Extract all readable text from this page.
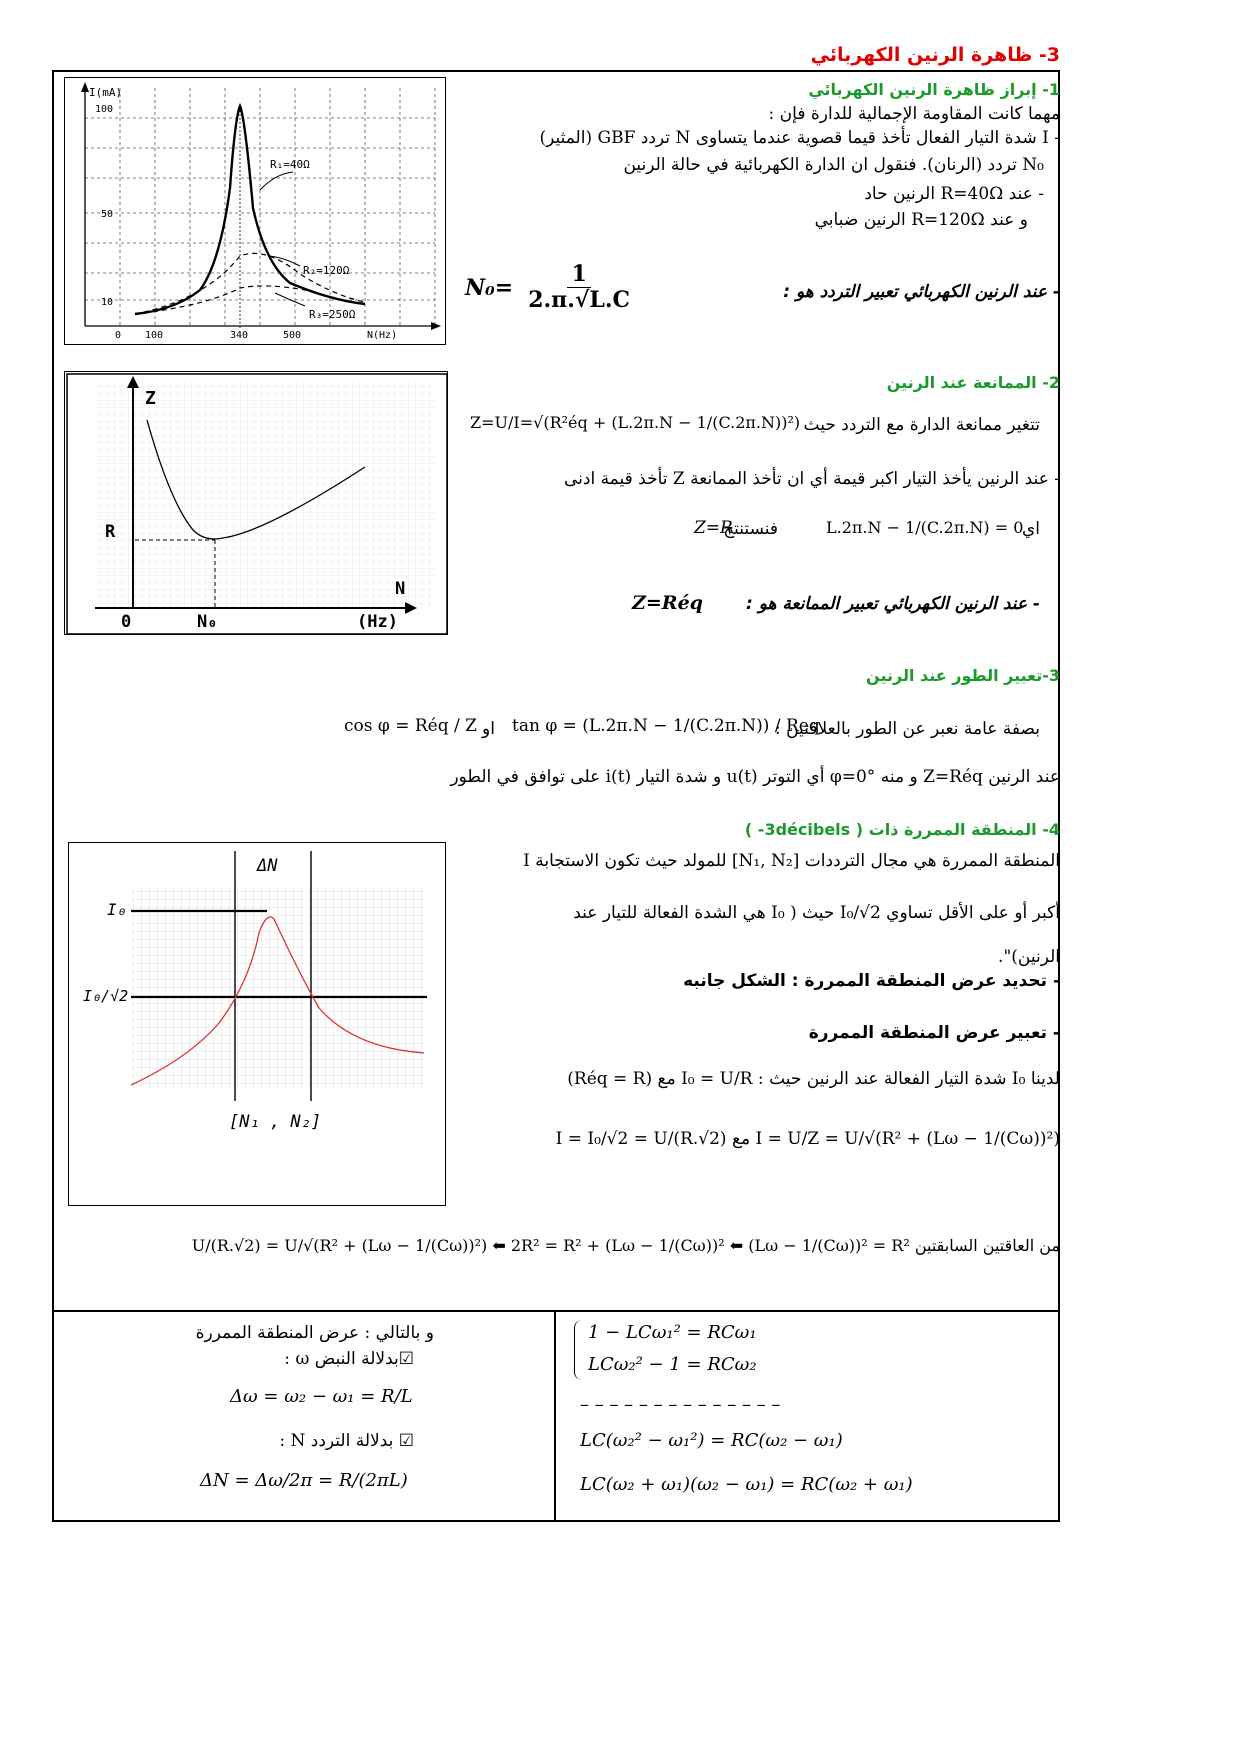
3- ظاهرة الرنين الكهربائي
I(mA)
100
50
10
0 100	340	500	N(Hz)
R₁=40Ω
R₂=120Ω
R₃=250Ω
1- إبراز ظاهرة الرنين الكهربائي
مهما كانت المقاومة الإجمالية للدارة فإن :
- I شدة التيار الفعال تأخذ قيما قصوية عندما يتساوى N تردد GBF (المثير)
N₀ تردد (الرنان). فنقول ان الدارة الكهربائية في حالة الرنين
- عند R=40Ω الرنين حاد
و عند R=120Ω الرنين ضبابي
- عند الرنين الكهربائي تعبير التردد هو :
$N_0= \frac{1}{2.\pi.√L.C}$
Z
R
N
0	N₀	(Hz)
2- الممانعة عند الرنين
تتغير ممانعة الدارة مع التردد حيث
Z=U/I=√(R²éq + (L.2π.N − 1/(C.2π.N))²)
- عند الرنين يأخذ التيار اكبر قيمة أي ان تأخذ الممانعة Z تأخذ قيمة ادنى
اي
L.2π.N − 1/(C.2π.N) = 0
فنستنتج
Z=R
- عند الرنين الكهربائي تعبير الممانعة هو :
Z=Réq
3-تعبير الطور عند الرنين
بصفة عامة نعبر عن الطور بالعلاقتين :
tan φ = (L.2π.N − 1/(C.2π.N)) / Req
او
cos φ = Réq / Z
عند الرنين Z=Réq و منه φ=0° أي التوتر u(t) و شدة التيار i(t) على توافق في الطور
4- المنطقة الممررة ذات ( 3décibels- )
ΔN
I₀
I₀/√2
[N₁ , N₂]
المنطقة الممررة هي مجال الترددات [N₁, N₂] للمولد حيث تكون الاستجابة I
أكبر أو على الأقل تساوي I₀/√2 حيث ( I₀ هي الشدة الفعالة للتيار عند
الرنين)".
- تحديد عرض المنطقة الممررة : الشكل جانبه
- تعبير عرض المنطقة الممررة
لدينا I₀ شدة التيار الفعالة عند الرنين حيث : I₀ = U/R مع (Réq = R)
I = U/Z = U/√(R² + (Lω − 1/(Cω))²) مع I = I₀/√2 = U/(R.√2)
من العاقتين السابقتين U/(R.√2) = U/√(R² + (Lω − 1/(Cω))²) ⬅ 2R² = R² + (Lω − 1/(Cω))² ⬅ (Lω − 1/(Cω))² = R²
و بالتالي : عرض المنطقة الممررة
☑بدلالة النبض ω :
Δω = ω₂ − ω₁ = R/L
☑ بدلالة التردد N :
ΔN = Δω/2π = R/(2πL)
1 − LCω₁² = RCω₁
LCω₂² − 1 = RCω₂
– – – – – – – – – – – – – –
LC(ω₂² − ω₁²) = RC(ω₂ − ω₁)
LC(ω₂ + ω₁)(ω₂ − ω₁) = RC(ω₂ + ω₁)
